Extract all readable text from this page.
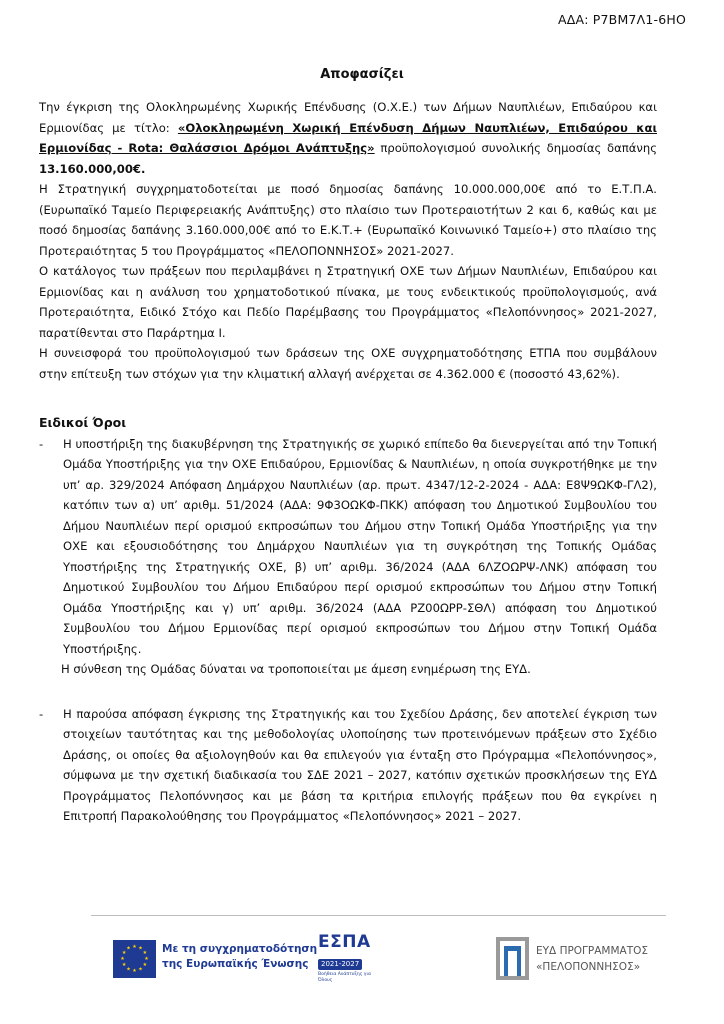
ΑΔΑ: Ρ7ΒΜ7Λ1-6ΗΟ
Αποφασίζει

Την έγκριση της Ολοκληρωμένης Χωρικής Επένδυσης (Ο.Χ.Ε.) των Δήμων Ναυπλιέων, Επιδαύρου και Ερμιονίδας με τίτλο: «Ολοκληρωμένη Χωρική Επένδυση Δήμων Ναυπλιέων, Επιδαύρου και Ερμιονίδας - Rota: Θαλάσσιοι Δρόμοι Ανάπτυξης» προϋπολογισμού συνολικής δημοσίας δαπάνης 13.160.000,00€.

Η Στρατηγική συγχρηματοδοτείται με ποσό δημοσίας δαπάνης 10.000.000,00€ από το Ε.Τ.Π.Α. (Ευρωπαϊκό Ταμείο Περιφερειακής Ανάπτυξης) στο πλαίσιο των Προτεραιοτήτων 2 και 6, καθώς και με ποσό δημοσίας δαπάνης 3.160.000,00€ από το Ε.Κ.Τ.+ (Ευρωπαϊκό Κοινωνικό Ταμείο+) στο πλαίσιο της Προτεραιότητας 5 του Προγράμματος «ΠΕΛΟΠΟΝΝΗΣΟΣ» 2021-2027.

Ο κατάλογος των πράξεων που περιλαμβάνει η Στρατηγική ΟΧΕ των Δήμων Ναυπλιέων, Επιδαύρου και Ερμιονίδας και η ανάλυση του χρηματοδοτικού πίνακα, με τους ενδεικτικούς προϋπολογισμούς, ανά Προτεραιότητα, Ειδικό Στόχο και Πεδίο Παρέμβασης του Προγράμματος «Πελοπόννησος» 2021-2027, παρατίθενται στο Παράρτημα Ι.

Η συνεισφορά του προϋπολογισμού των δράσεων της ΟΧΕ συγχρηματοδότησης ΕΤΠΑ που συμβάλουν στην επίτευξη των στόχων για την κλιματική αλλαγή ανέρχεται σε 4.362.000 € (ποσοστό 43,62%).

Ειδικοί Όροι

-	Η υποστήριξη της διακυβέρνηση της Στρατηγικής σε χωρικό επίπεδο θα διενεργείται από την Τοπική Ομάδα Υποστήριξης για την ΟΧΕ Επιδαύρου, Ερμιονίδας & Ναυπλιέων, η οποία συγκροτήθηκε με την υπ’ αρ. 329/2024 Απόφαση Δημάρχου Ναυπλιέων (αρ. πρωτ. 4347/12-2-2024 - ΑΔΑ: Ε8Ψ9ΩΚΦ-ΓΛ2), κατόπιν των α) υπ’ αριθμ. 51/2024 (ΑΔΑ: 9Φ3ΟΩΚΦ-ΠΚΚ) απόφαση του Δημοτικού Συμβουλίου του Δήμου Ναυπλιέων περί ορισμού εκπροσώπων του Δήμου στην Τοπική Ομάδα Υποστήριξης για την ΟΧΕ και εξουσιοδότησης του Δημάρχου Ναυπλιέων για τη συγκρότηση της Τοπικής Ομάδας Υποστήριξης της Στρατηγικής ΟΧΕ, β) υπ’ αριθμ. 36/2024 (ΑΔΑ 6ΛΖΟΩΡΨ-ΛΝΚ) απόφαση του Δημοτικού Συμβουλίου του Δήμου Επιδαύρου περί ορισμού εκπροσώπων του Δήμου στην Τοπική Ομάδα Υποστήριξης και γ) υπ’ αριθμ. 36/2024 (ΑΔΑ ΡΖ00ΩΡΡ-ΣΘΛ) απόφαση του Δημοτικού Συμβουλίου του Δήμου Ερμιονίδας περί ορισμού εκπροσώπων του Δήμου στην Τοπική Ομάδα Υποστήριξης.

Η σύνθεση της Ομάδας δύναται να τροποποιείται με άμεση ενημέρωση της ΕΥΔ.

-	Η παρούσα απόφαση έγκρισης της Στρατηγικής και του Σχεδίου Δράσης, δεν αποτελεί έγκριση των στοιχείων ταυτότητας και της μεθοδολογίας υλοποίησης των προτεινόμενων πράξεων στο Σχέδιο Δράσης, οι οποίες θα αξιολογηθούν και θα επιλεγούν για ένταξη στο Πρόγραμμα «Πελοπόννησος», σύμφωνα με την σχετική διαδικασία του ΣΔΕ 2021 – 2027, κατόπιν σχετικών προσκλήσεων της ΕΥΔ Προγράμματος Πελοπόννησος και με βάση τα κριτήρια επιλογής πράξεων που θα εγκρίνει η Επιτροπή Παρακολούθησης του Προγράμματος «Πελοπόννησος» 2021 – 2027.
★ ★
★
★
★
★
★
★
★
★
★
★	Με τη συγχρηματοδότηση
της Ευρωπαϊκής Ένωσης
ΕΣΠΑ
2021-2027
Βοήθεια Ανάπτυξης για Όλους
ΕΥΔ ΠΡΟΓΡΑΜΜΑΤΟΣ
«ΠΕΛΟΠΟΝΝΗΣΟΣ»
